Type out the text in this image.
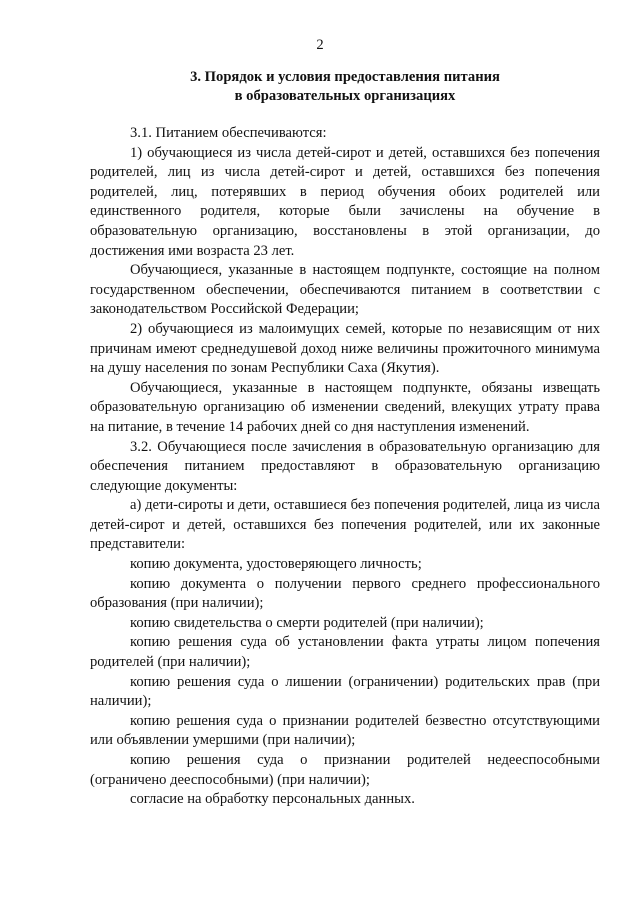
2
3. Порядок и условия предоставления питания
в образовательных организациях

3.1. Питанием обеспечиваются:

1) обучающиеся из числа детей-сирот и детей, оставшихся без попечения родителей, лиц из числа детей-сирот и детей, оставшихся без попечения родителей, лиц, потерявших в период обучения обоих родителей или единственного родителя, которые были зачислены на обучение в образовательную организацию, восстановлены в этой организации, до достижения ими возраста 23 лет.

Обучающиеся, указанные в настоящем подпункте, состоящие на полном государственном обеспечении, обеспечиваются питанием в соответствии с законодательством Российской Федерации;

2) обучающиеся из малоимущих семей, которые по независящим от них причинам имеют среднедушевой доход ниже величины прожиточного минимума на душу населения по зонам Республики Саха (Якутия).

Обучающиеся, указанные в настоящем подпункте, обязаны извещать образовательную организацию об изменении сведений, влекущих утрату права на питание, в течение 14 рабочих дней со дня наступления изменений.

3.2. Обучающиеся после зачисления в образовательную организацию для обеспечения питанием предоставляют в образовательную организацию следующие документы:

а) дети-сироты и дети, оставшиеся без попечения родителей, лица из числа детей-сирот и детей, оставшихся без попечения родителей, или их законные представители:

копию документа, удостоверяющего личность;

копию документа о получении первого среднего профессионального образования (при наличии);

копию свидетельства о смерти родителей (при наличии);

копию решения суда об установлении факта утраты лицом попечения родителей (при наличии);

копию решения суда о лишении (ограничении) родительских прав (при наличии);

копию решения суда о признании родителей безвестно отсутствующими или объявлении умершими (при наличии);

копию решения суда о признании родителей недееспособными (ограничено дееспособными) (при наличии);

согласие на обработку персональных данных.
